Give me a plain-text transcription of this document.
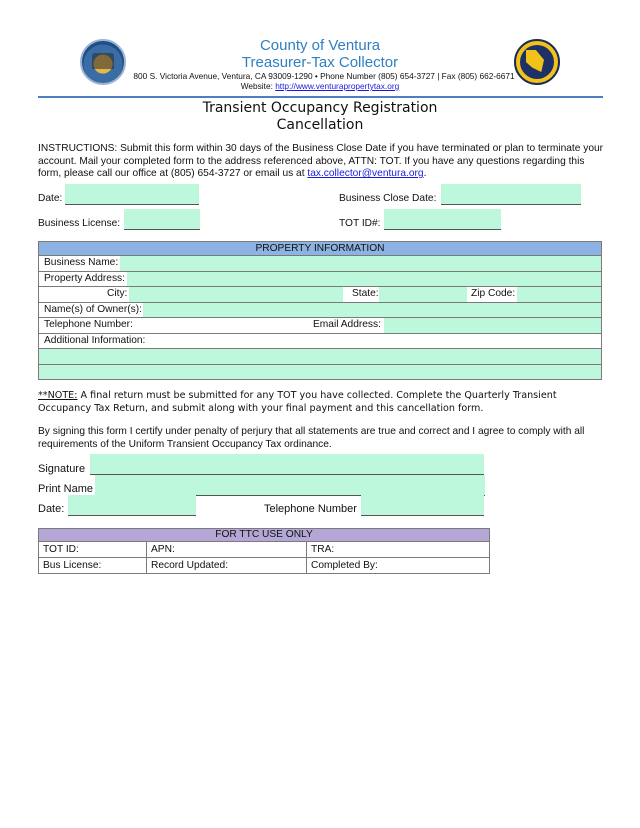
County of Ventura
Treasurer-Tax Collector
800 S. Victoria Avenue, Ventura, CA 93009-1290 • Phone Number (805) 654-3727 | Fax (805) 662-6671
Website: http://www.venturapropertytax.org
Transient Occupancy Registration
Cancellation
INSTRUCTIONS: Submit this form within 30 days of the Business Close Date if you have terminated or plan to terminate your account. Mail your completed form to the address referenced above, ATTN: TOT. If you have any questions regarding this form, please call our office at (805) 654-3727 or email us at tax.collector@ventura.org.
Date:	Business Close Date:
Business License:	TOT ID#:
PROPERTY INFORMATION
Business Name:
Property Address:
City:	State:	Zip Code:
Name(s) of Owner(s):
Telephone Number:	Email Address:
Additional Information:
**NOTE: A final return must be submitted for any TOT you have collected. Complete the Quarterly Transient Occupancy Tax Return, and submit along with your final payment and this cancellation form.
By signing this form I certify under penalty of perjury that all statements are true and correct and I agree to comply with all requirements of the Uniform Transient Occupancy Tax ordinance.
Signature
Print Name
Date:	Telephone Number
FOR TTC USE ONLY		
TOT ID:	APN:	TRA:
Bus License:	Record Updated:	Completed By:
